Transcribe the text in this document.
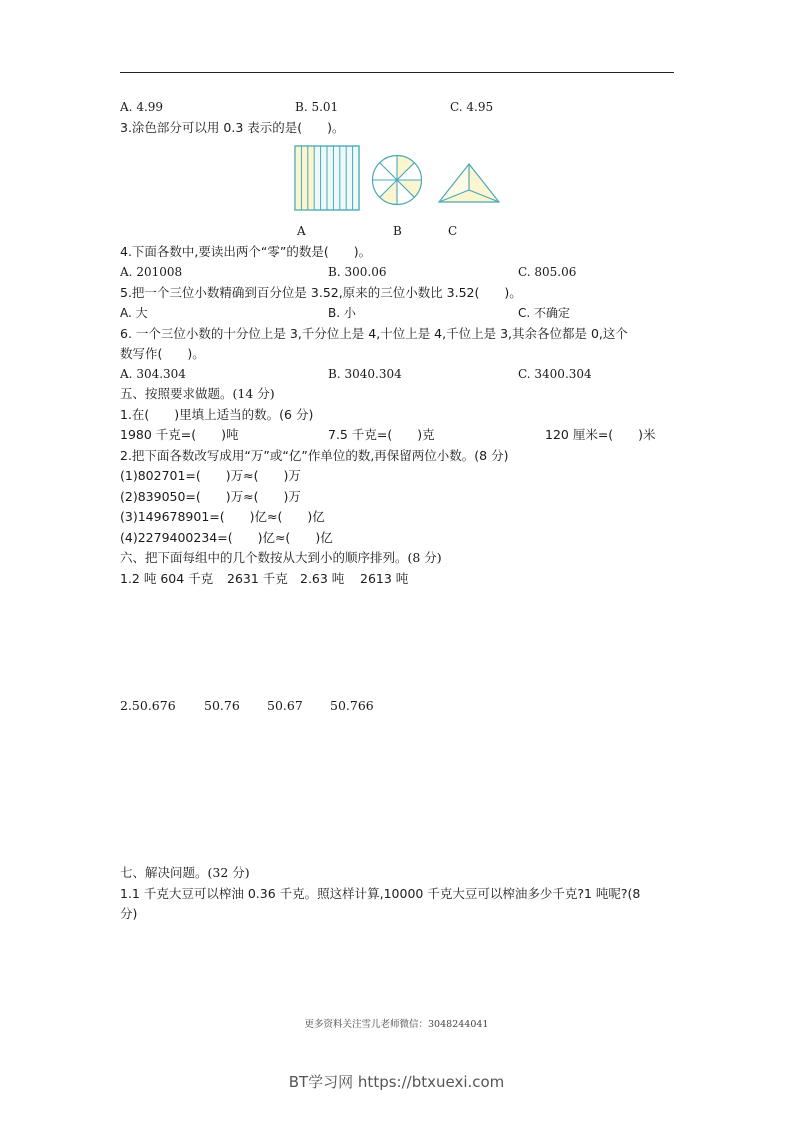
A. 4.99	B. 5.01	C. 4.95
3.涂色部分可以用 0.3 表示的是(　　)。
A	B	C
4.下面各数中,要读出两个“零”的数是(　　)。
A. 201008	B. 300.06	C. 805.06
5.把一个三位小数精确到百分位是 3.52,原来的三位小数比 3.52(　　)。
A. 大	B. 小	C. 不确定
6. 一个三位小数的十分位上是 3,千分位上是 4,十位上是 4,千位上是 3,其余各位都是 0,这个
数写作(　　)。
A. 304.304	B. 3040.304	C. 3400.304
五、按照要求做题。(14 分)
1.在(　　)里填上适当的数。(6 分)
1980 千克=(　　)吨	7.5 千克=(　　)克	120 厘米=(　　)米
2.把下面各数改写成用“万”或“亿”作单位的数,再保留两位小数。(8 分)
(1)802701=(　　)万≈(　　)万
(2)839050=(　　)万≈(　　)万
(3)149678901=(　　)亿≈(　　)亿
(4)2279400234=(　　)亿≈(　　)亿
六、把下面每组中的几个数按从大到小的顺序排列。(8 分)
1.2 吨 604 千克 2631 千克 2.63 吨 2613 吨
2.50.676 50.76 50.67 50.766
七、解决问题。(32 分)
1.1 千克大豆可以榨油 0.36 千克。照这样计算,10000 千克大豆可以榨油多少千克?1 吨呢?(8
分)
更多资料关注雪儿老师微信：3048244041
BT学习网 https://btxuexi.com
